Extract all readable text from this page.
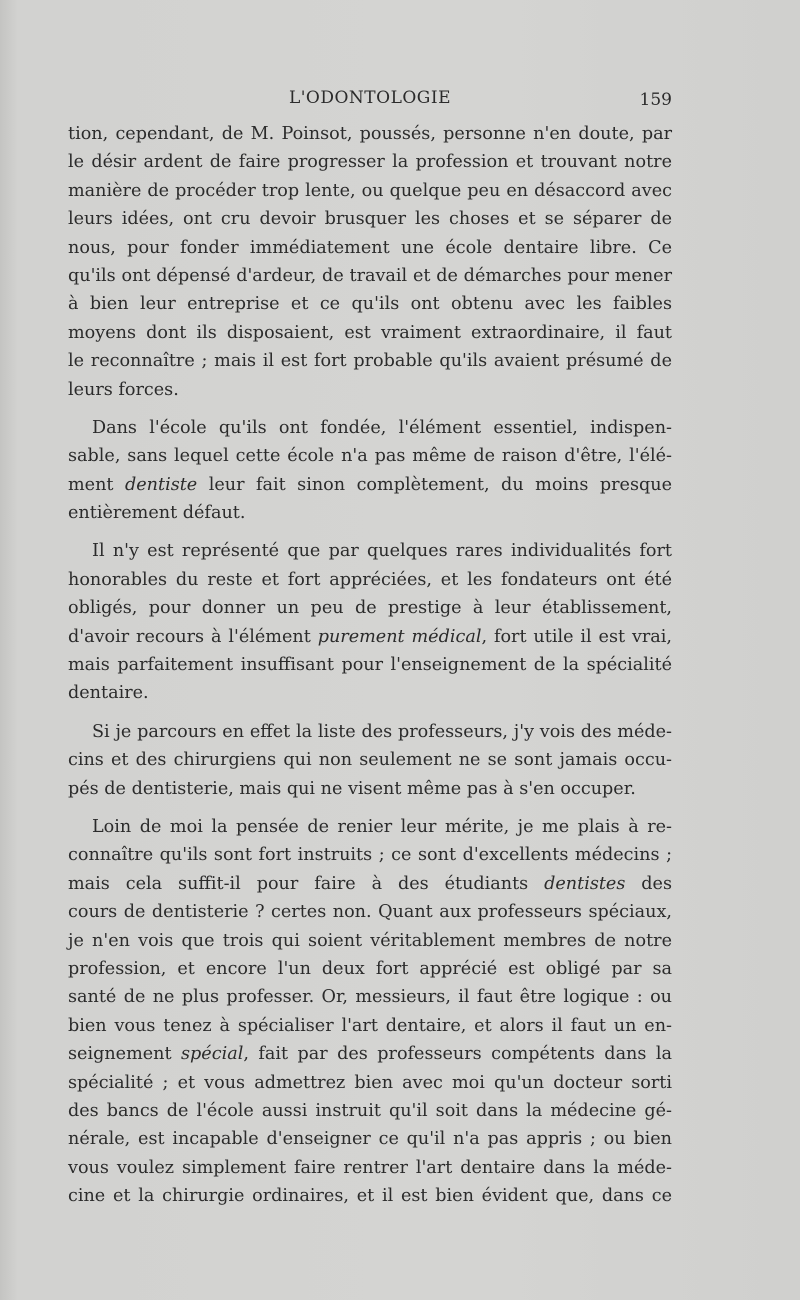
L'ODONTOLOGIE	159
tion, cependant, de M. Poinsot, poussés, personne n'en doute, par
le désir ardent de faire progresser la profession et trouvant notre
manière de procéder trop lente, ou quelque peu en désaccord avec
leurs idées, ont cru devoir brusquer les choses et se séparer de
nous, pour fonder immédiatement une école dentaire libre. Ce
qu'ils ont dépensé d'ardeur, de travail et de démarches pour mener
à bien leur entreprise et ce qu'ils ont obtenu avec les faibles
moyens dont ils disposaient, est vraiment extraordinaire, il faut
le reconnaître ; mais il est fort probable qu'ils avaient présumé de
leurs forces.
Dans l'école qu'ils ont fondée, l'élément essentiel, indispen-
sable, sans lequel cette école n'a pas même de raison d'être, l'élé-
ment dentiste leur fait sinon complètement, du moins presque
entièrement défaut.
Il n'y est représenté que par quelques rares individualités fort
honorables du reste et fort appréciées, et les fondateurs ont été
obligés, pour donner un peu de prestige à leur établissement,
d'avoir recours à l'élément purement médical, fort utile il est vrai,
mais parfaitement insuffisant pour l'enseignement de la spécialité
dentaire.
Si je parcours en effet la liste des professeurs, j'y vois des méde-
cins et des chirurgiens qui non seulement ne se sont jamais occu-
pés de dentisterie, mais qui ne visent même pas à s'en occuper.
Loin de moi la pensée de renier leur mérite, je me plais à re-
connaître qu'ils sont fort instruits ; ce sont d'excellents médecins ;
mais cela suffit-il pour faire à des étudiants dentistes des
cours de dentisterie ? certes non. Quant aux professeurs spéciaux,
je n'en vois que trois qui soient véritablement membres de notre
profession, et encore l'un deux fort apprécié est obligé par sa
santé de ne plus professer. Or, messieurs, il faut être logique : ou
bien vous tenez à spécialiser l'art dentaire, et alors il faut un en-
seignement spécial, fait par des professeurs compétents dans la
spécialité ; et vous admettrez bien avec moi qu'un docteur sorti
des bancs de l'école aussi instruit qu'il soit dans la médecine gé-
nérale, est incapable d'enseigner ce qu'il n'a pas appris ; ou bien
vous voulez simplement faire rentrer l'art dentaire dans la méde-
cine et la chirurgie ordinaires, et il est bien évident que, dans ce
